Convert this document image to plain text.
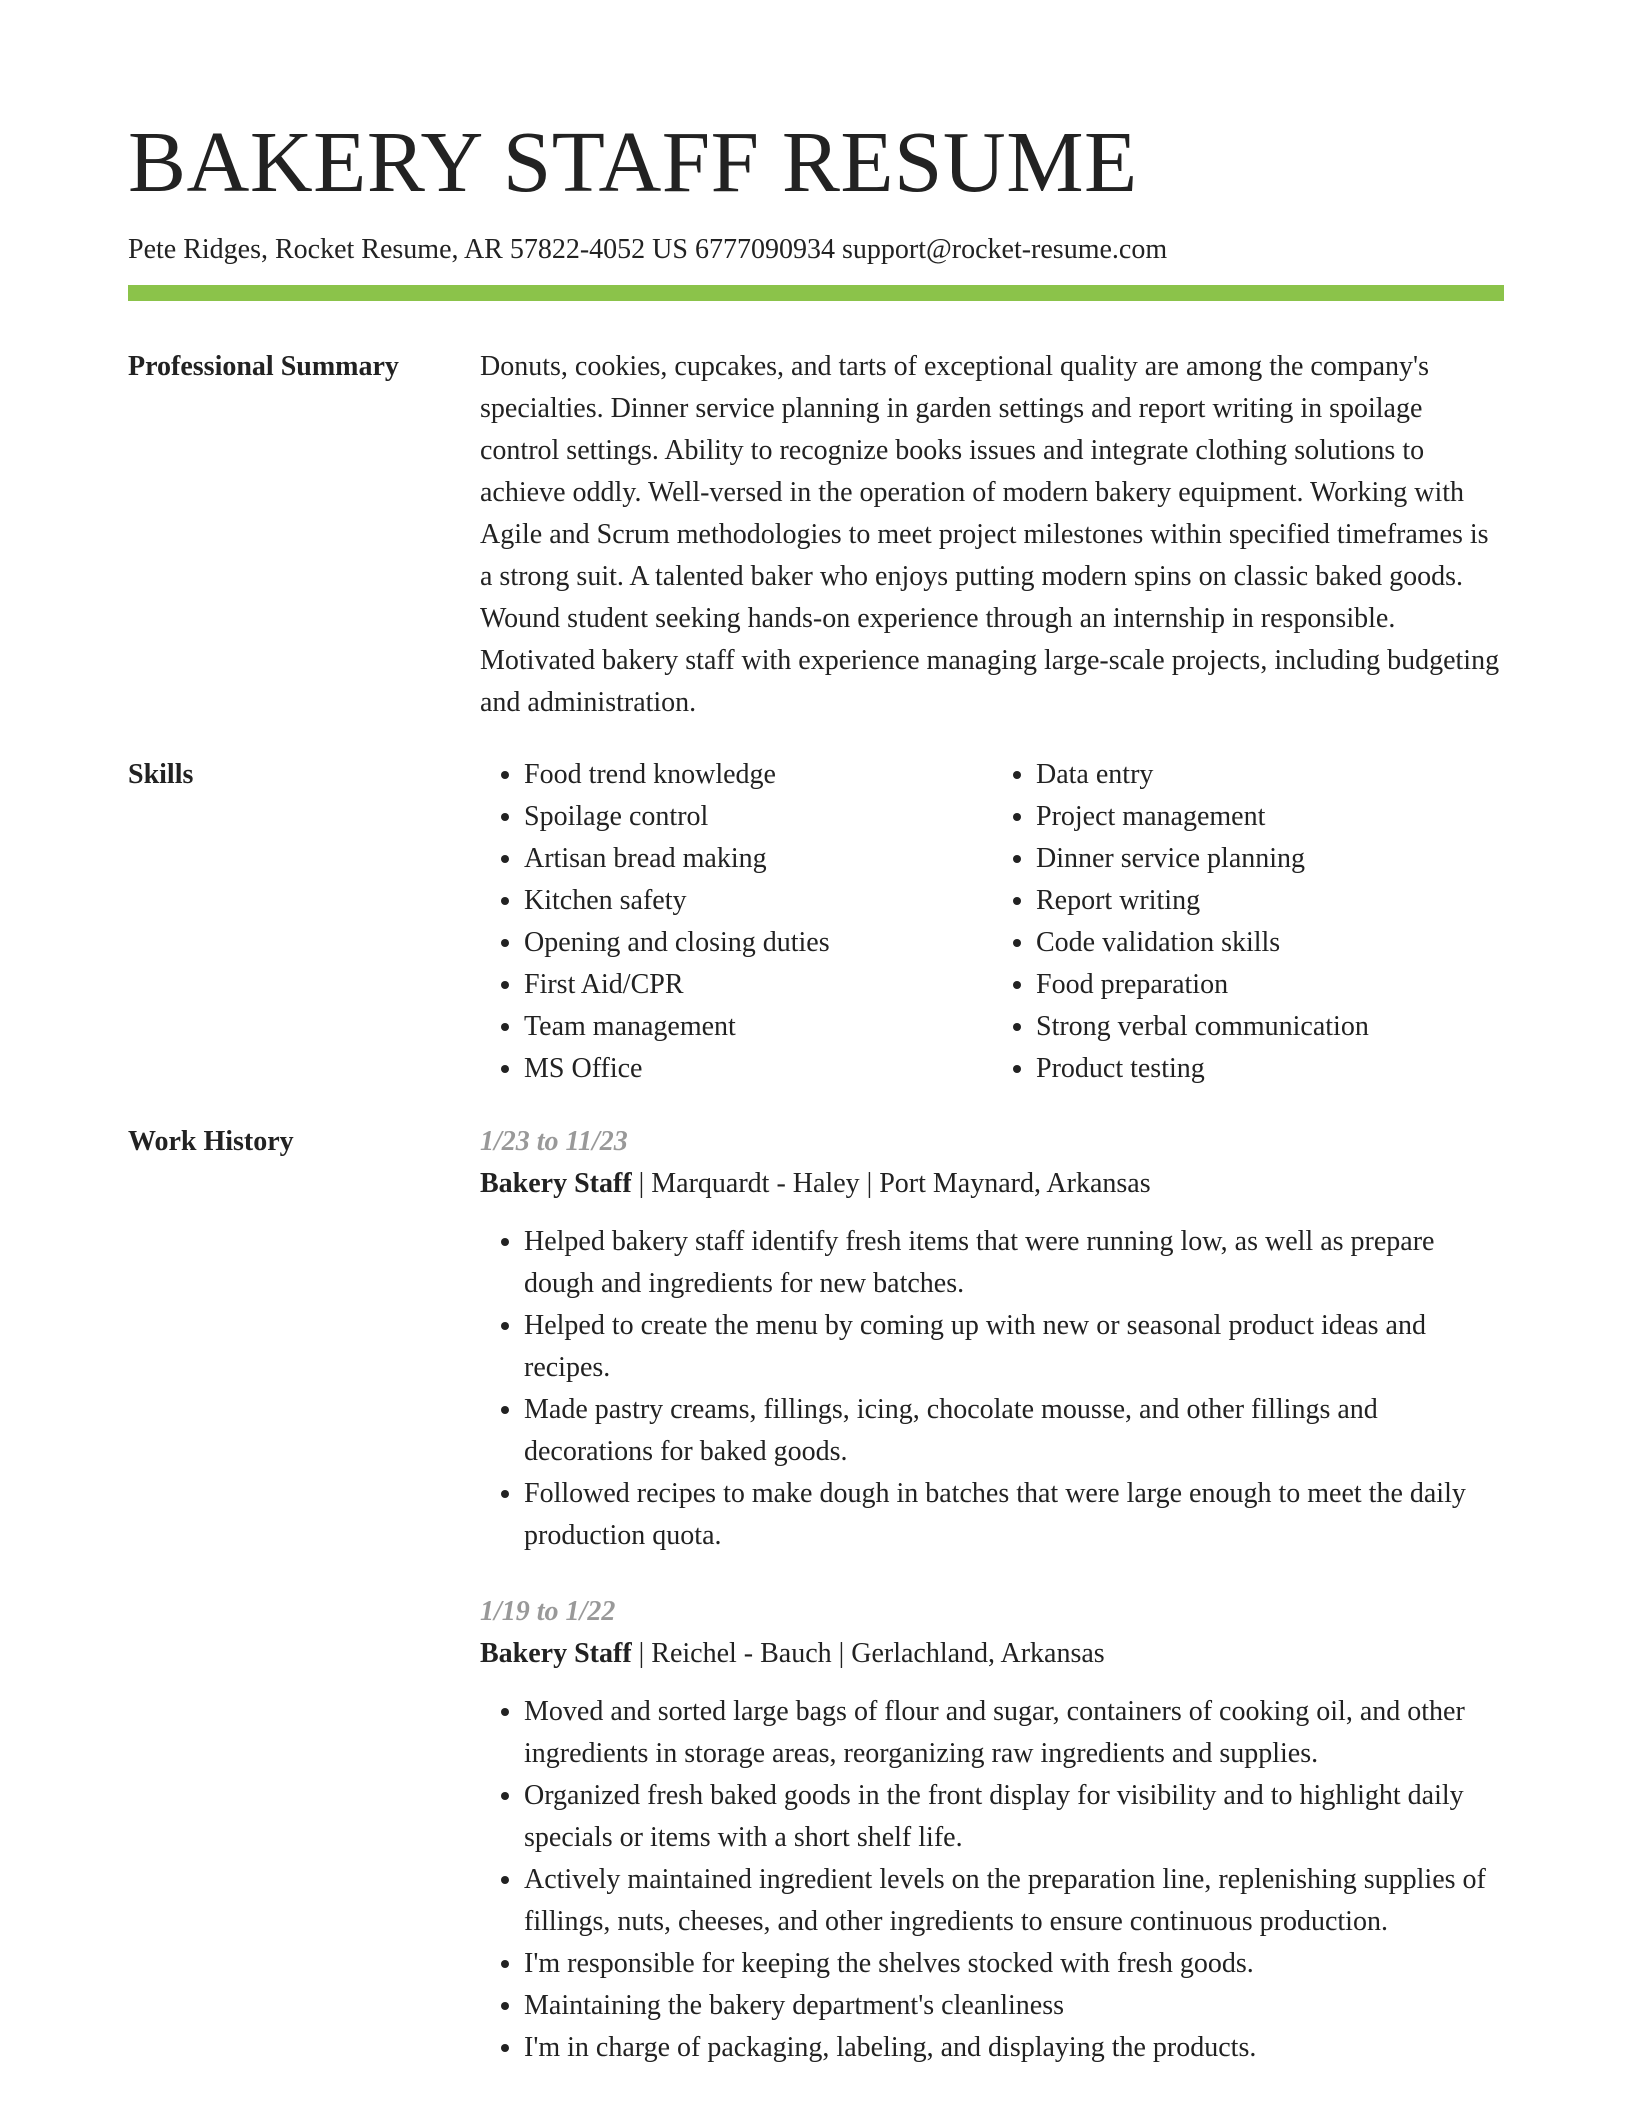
BAKERY STAFF RESUME
Pete Ridges, Rocket Resume, AR 57822-4052 US 6777090934 support@rocket-resume.com
Professional Summary	Donuts, cookies, cupcakes, and tarts of exceptional quality are among the company's specialties. Dinner service planning in garden settings and report writing in spoilage control settings. Ability to recognize books issues and integrate clothing solutions to achieve oddly. Well-versed in the operation of modern bakery equipment. Working with Agile and Scrum methodologies to meet project milestones within specified timeframes is a strong suit. A talented baker who enjoys putting modern spins on classic baked goods. Wound student seeking hands-on experience through an internship in responsible. Motivated bakery staff with experience managing large-scale projects, including budgeting and administration.

Skills
•	Food trend knowledge
• Spoilage control
• Artisan bread making
• Kitchen safety
• Opening and closing duties
• First Aid/CPR
• Team management
• MS Office
• Data entry
• Project management
• Dinner service planning
• Report writing
• Code validation skills
• Food preparation
• Strong verbal communication
• Product testing
Work History	1/23 to 11/23
Bakery Staff | Marquardt - Haley | Port Maynard, Arkansas
• Helped bakery staff identify fresh items that were running low, as well as prepare dough and ingredients for new batches.
• Helped to create the menu by coming up with new or seasonal product ideas and recipes.
• Made pastry creams, fillings, icing, chocolate mousse, and other fillings and decorations for baked goods.
• Followed recipes to make dough in batches that were large enough to meet the daily production quota.
1/19 to 1/22
Bakery Staff | Reichel - Bauch | Gerlachland, Arkansas
• Moved and sorted large bags of flour and sugar, containers of cooking oil, and other ingredients in storage areas, reorganizing raw ingredients and supplies.
• Organized fresh baked goods in the front display for visibility and to highlight daily specials or items with a short shelf life.
• Actively maintained ingredient levels on the preparation line, replenishing supplies of fillings, nuts, cheeses, and other ingredients to ensure continuous production.
• I'm responsible for keeping the shelves stocked with fresh goods.
• Maintaining the bakery department's cleanliness
• I'm in charge of packaging, labeling, and displaying the products.
